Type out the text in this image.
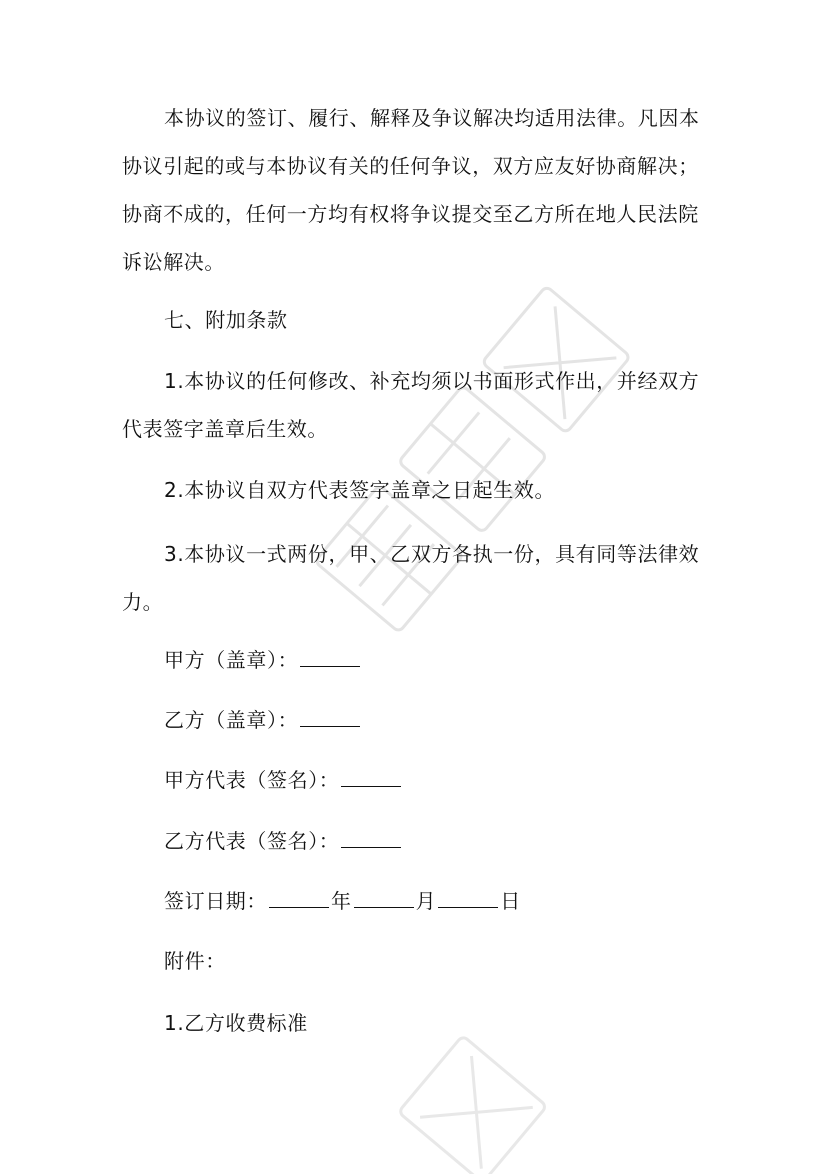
本协议的签订、履行、解释及争议解决均适用法律。凡因本协议引起的或与本协议有关的任何争议，双方应友好协商解决；协商不成的，任何一方均有权将争议提交至乙方所在地人民法院诉讼解决。

七、附加条款

1.本协议的任何修改、补充均须以书面形式作出，并经双方代表签字盖章后生效。

2.本协议自双方代表签字盖章之日起生效。

3.本协议一式两份，甲、乙双方各执一份，具有同等法律效力。

甲方（盖章）：

乙方（盖章）：

甲方代表（签名）：

乙方代表（签名）：

签订日期：	年	月	日

附件：

1.乙方收费标准
